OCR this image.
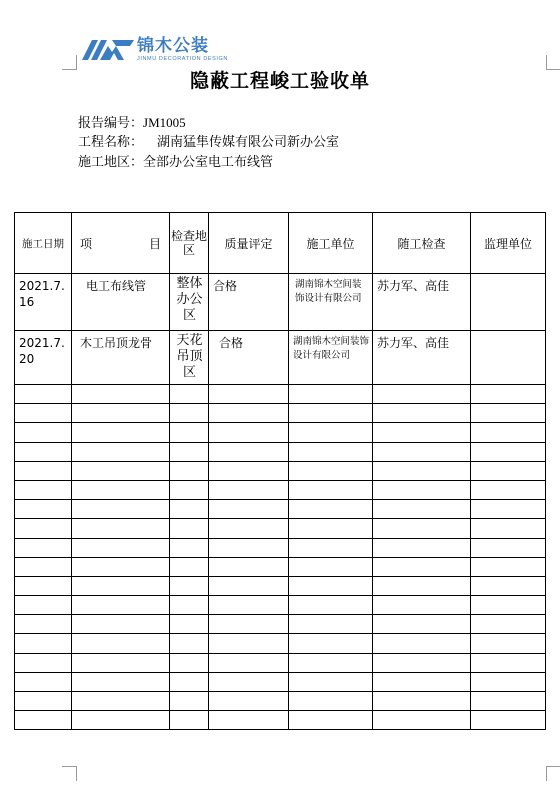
锦木公装
JINMU DECORATION DESIGN
隐蔽工程峻工验收单
报告编号：JM1005
工程名称： 湖南猛隼传媒有限公司新办公室
施工地区：全部办公室电工布线管
施工日期	项 目	检查地区	质量评定	施工单位	随工检查	监理单位

2021.7.16	电工布线管	整体办公区	合格	湖南锦木空间装饰设计有限公司	苏力军、高佳	

2021.7.20	木工吊顶龙骨	天花吊顶区	合格	湖南锦木空间装饰设计有限公司	苏力军、高佳	
